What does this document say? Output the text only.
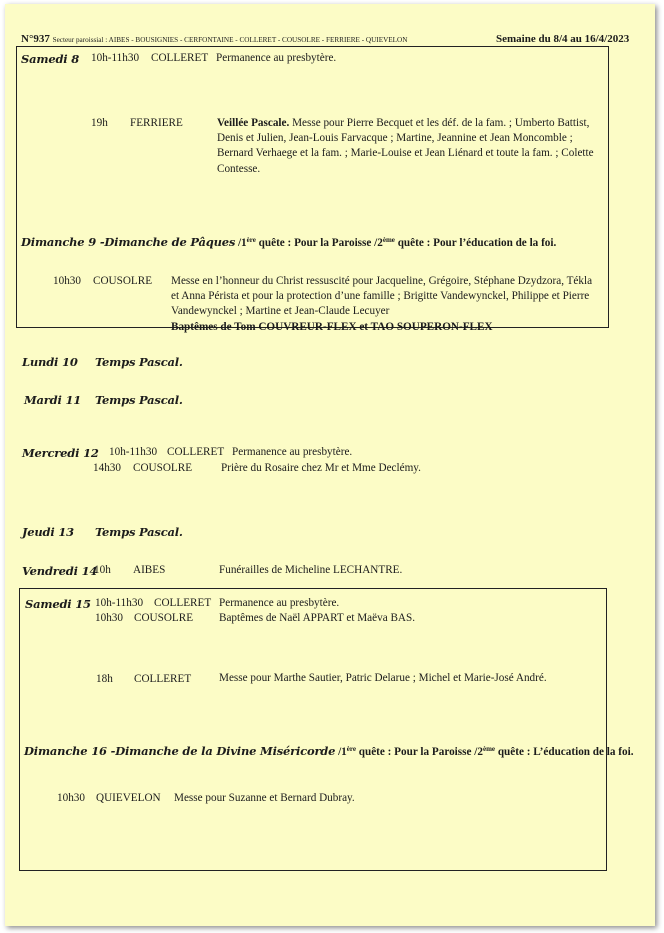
N°937 Secteur paroissial : AIBES - BOUSIGNIES - CERFONTAINE - COLLERET - COUSOLRE - FERRIERE - QUIEVELON	Semaine du 8/4 au 16/4/2023
Samedi 8 10h-11h30 COLLERET Permanence au presbytère.
19h FERRIERE	Veillée Pascale. Messe pour Pierre Becquet et les déf. de la fam. ; Umberto Battist,
Denis et Julien, Jean-Louis Farvacque ; Martine, Jeannine et Jean Moncomble ;
Bernard Verhaege et la fam. ; Marie-Louise et Jean Liénard et toute la fam. ; Colette
Contesse.
Dimanche 9 -Dimanche de Pâques /1ère quête : Pour la Paroisse /2ème quête : Pour l’éducation de la foi.
10h30 COUSOLRE Messe en l’honneur du Christ ressuscité pour Jacqueline, Grégoire, Stéphane Dzydzora, Tékla
et Anna Pérista et pour la protection d’une famille ; Brigitte Vandewynckel, Philippe et Pierre
Vandewynckel ; Martine et Jean-Claude Lecuyer
Baptêmes de Tom COUVREUR-FLEX et TAO SOUPERON-FLEX
Lundi 10 Temps Pascal.
Mardi 11 Temps Pascal.
Mercredi 12 10h-11h30 COLLERET Permanence au presbytère.
14h30 COUSOLRE	Prière du Rosaire chez Mr et Mme Declémy.
Jeudi 13 Temps Pascal.
Vendredi 14
10h AIBES	Funérailles de Micheline LECHANTRE.
Samedi 15 10h-11h30 COLLERET Permanence au presbytère.
10h30 COUSOLRE Baptêmes de Naël APPART et Maëva BAS.
18h COLLERET Messe pour Marthe Sautier, Patric Delarue ; Michel et Marie-José André.
Dimanche 16 -Dimanche de la Divine Miséricorde /1ère quête : Pour la Paroisse /2ème quête : L’éducation de la foi.
10h30 QUIEVELON Messe pour Suzanne et Bernard Dubray.
